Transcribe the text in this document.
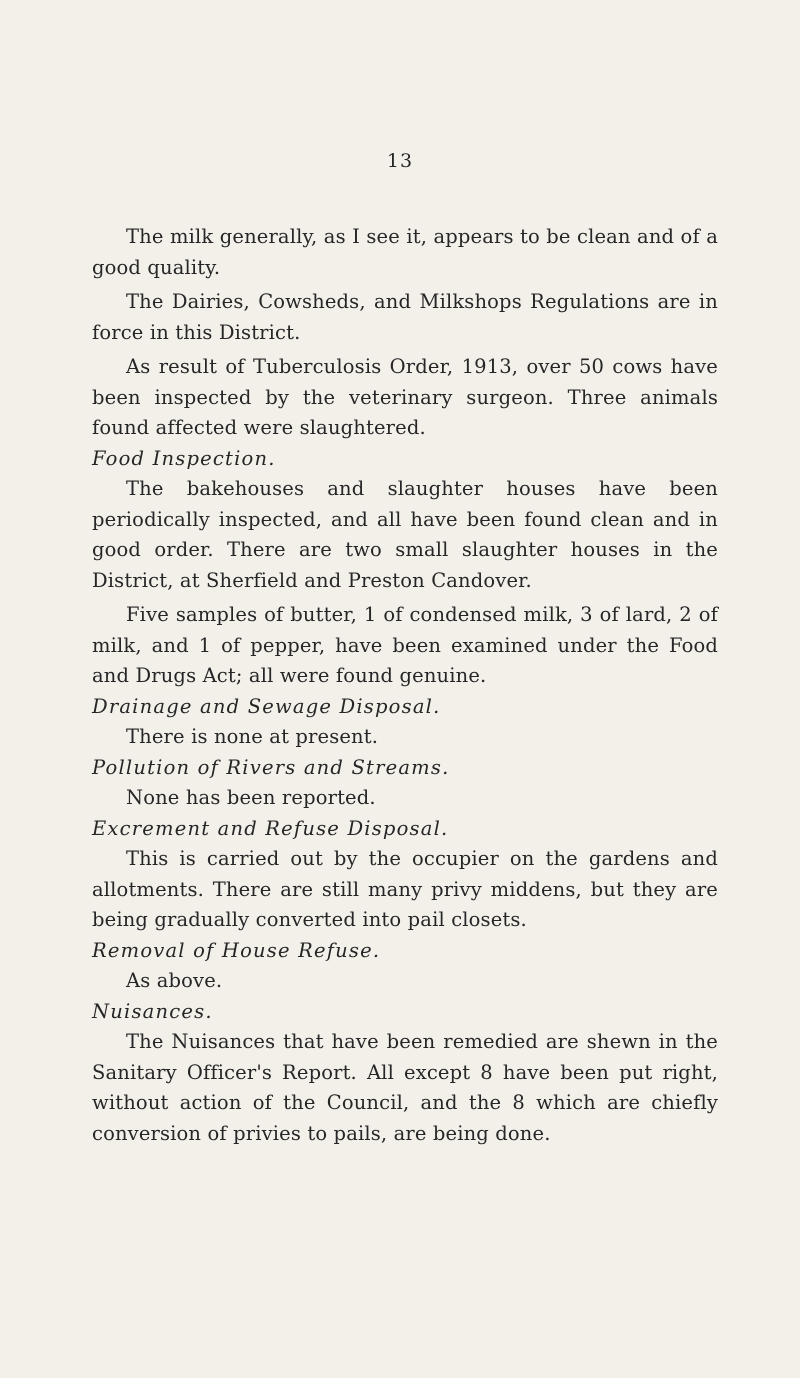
13

The milk generally, as I see it, appears to be clean and of a good quality.

The Dairies, Cowsheds, and Milkshops Regulations are in force in this District.

As result of Tuberculosis Order, 1913, over 50 cows have been inspected by the veterinary surgeon. Three animals found affected were slaughtered.

Food Inspection.

The bakehouses and slaughter houses have been periodically inspected, and all have been found clean and in good order. There are two small slaughter houses in the District, at Sherfield and Preston Candover.

Five samples of butter, 1 of condensed milk, 3 of lard, 2 of milk, and 1 of pepper, have been examined under the Food and Drugs Act; all were found genuine.

Drainage and Sewage Disposal.

There is none at present.

Pollution of Rivers and Streams.

None has been reported.

Excrement and Refuse Disposal.

This is carried out by the occupier on the gardens and allotments. There are still many privy middens, but they are being gradually converted into pail closets.

Removal of House Refuse.

As above.

Nuisances.

The Nuisances that have been remedied are shewn in the Sanitary Officer's Report. All except 8 have been put right, without action of the Council, and the 8 which are chiefly conversion of privies to pails, are being done.
